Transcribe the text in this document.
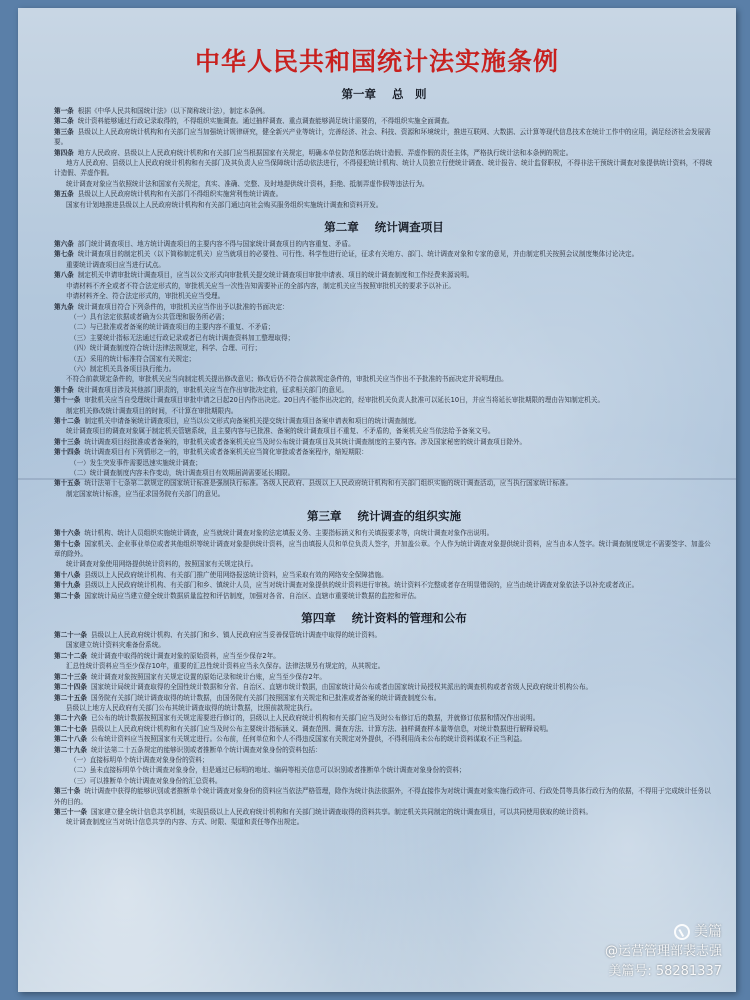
中华人民共和国统计法实施条例
第一章 总　则

第一条 根据《中华人民共和国统计法》（以下简称统计法），制定本条例。

第二条 统计资料能够通过行政记录取得的，不得组织实施调查。通过抽样调查、重点调查能够满足统计需要的，不得组织实施全面调查。

第三条 县级以上人民政府统计机构和有关部门应当加强统计规律研究，健全新兴产业等统计，完善经济、社会、科技、资源和环境统计，推进互联网、大数据、云计算等现代信息技术在统计工作中的应用，满足经济社会发展需要。

第四条 地方人民政府、县级以上人民政府统计机构和有关部门应当根据国家有关规定，明确本单位防范和惩治统计造假、弄虚作假的责任主体，严格执行统计法和本条例的规定。

地方人民政府、县级以上人民政府统计机构和有关部门及其负责人应当保障统计活动依法进行，不得侵犯统计机构、统计人员独立行使统计调查、统计报告、统计监督职权，不得非法干预统计调查对象提供统计资料，不得统计造假、弄虚作假。

统计调查对象应当依照统计法和国家有关规定，真实、准确、完整、及时地提供统计资料，拒绝、抵制弄虚作假等违法行为。

第五条 县级以上人民政府统计机构和有关部门不得组织实施营利性统计调查。

国家有计划地推进县级以上人民政府统计机构和有关部门通过向社会购买服务组织实施统计调查和资料开发。

第二章 统计调查项目

第六条 部门统计调查项目、地方统计调查项目的主要内容不得与国家统计调查项目的内容重复、矛盾。

第七条 统计调查项目的制定机关（以下简称制定机关）应当就项目的必要性、可行性、科学性进行论证，征求有关地方、部门、统计调查对象和专家的意见，并由制定机关按照会议制度集体讨论决定。

重要统计调查项目应当进行试点。

第八条 制定机关申请审批统计调查项目，应当以公文形式向审批机关提交统计调查项目审批申请表、项目的统计调查制度和工作经费来源说明。

申请材料不齐全或者不符合法定形式的，审批机关应当一次性告知需要补正的全部内容，制定机关应当按照审批机关的要求予以补正。

申请材料齐全、符合法定形式的，审批机关应当受理。

第九条 统计调查项目符合下列条件的，审批机关应当作出予以批准的书面决定：

（一）具有法定依据或者确为公共管理和服务所必需；

（二）与已批准或者备案的统计调查项目的主要内容不重复、不矛盾；

（三）主要统计指标无法通过行政记录或者已有统计调查资料加工整理取得；

（四）统计调查制度符合统计法律法规规定，科学、合理、可行；

（五）采用的统计标准符合国家有关规定；

（六）制定机关具备项目执行能力。

不符合前款规定条件的，审批机关应当向制定机关提出修改意见；修改后仍不符合前款规定条件的，审批机关应当作出不予批准的书面决定并说明理由。

第十条 统计调查项目涉及其他部门职责的，审批机关应当在作出审批决定前，征求相关部门的意见。

第十一条 审批机关应当自受理统计调查项目审批申请之日起20日内作出决定。20日内不能作出决定的，经审批机关负责人批准可以延长10日，并应当将延长审批期限的理由告知制定机关。

制定机关修改统计调查项目的时间，不计算在审批期限内。

第十二条 制定机关申请备案统计调查项目，应当以公文形式向备案机关提交统计调查项目备案申请表和项目的统计调查制度。

统计调查项目的调查对象属于制定机关管辖系统，且主要内容与已批准、备案的统计调查项目不重复、不矛盾的，备案机关应当依法给予备案文号。

第十三条 统计调查项目经批准或者备案的，审批机关或者备案机关应当及时公布统计调查项目及其统计调查制度的主要内容。涉及国家秘密的统计调查项目除外。

第十四条 统计调查项目有下列情形之一的，审批机关或者备案机关应当简化审批或者备案程序，缩短期限：

（一）发生突发事件需要迅速实施统计调查；

（二）统计调查制度内容未作变动，统计调查项目有效期届满需要延长期限。

第十五条 统计法第十七条第二款规定的国家统计标准是强制执行标准。各级人民政府、县级以上人民政府统计机构和有关部门组织实施的统计调查活动，应当执行国家统计标准。

制定国家统计标准，应当征求国务院有关部门的意见。

第三章 统计调查的组织实施

第十六条 统计机构、统计人员组织实施统计调查，应当就统计调查对象的法定填报义务、主要指标涵义和有关填报要求等，向统计调查对象作出说明。

第十七条 国家机关、企业事业单位或者其他组织等统计调查对象提供统计资料，应当由填报人员和单位负责人签字，并加盖公章。个人作为统计调查对象提供统计资料，应当由本人签字。统计调查制度规定不需要签字、加盖公章的除外。

统计调查对象使用网络提供统计资料的，按照国家有关规定执行。

第十八条 县级以上人民政府统计机构、有关部门推广使用网络报送统计资料，应当采取有效的网络安全保障措施。

第十九条 县级以上人民政府统计机构、有关部门和乡、镇统计人员，应当对统计调查对象提供的统计资料进行审核。统计资料不完整或者存在明显错误的，应当由统计调查对象依法予以补充或者改正。

第二十条 国家统计局应当建立健全统计数据质量监控和评估制度，加强对各省、自治区、直辖市重要统计数据的监控和评估。

第四章 统计资料的管理和公布

第二十一条 县级以上人民政府统计机构、有关部门和乡、镇人民政府应当妥善保管统计调查中取得的统计资料。

国家建立统计资料灾难备份系统。

第二十二条 统计调查中取得的统计调查对象的原始资料，应当至少保存2年。

汇总性统计资料应当至少保存10年，重要的汇总性统计资料应当永久保存。法律法规另有规定的，从其规定。

第二十三条 统计调查对象按照国家有关规定设置的原始记录和统计台账，应当至少保存2年。

第二十四条 国家统计局统计调查取得的全国性统计数据和分省、自治区、直辖市统计数据，由国家统计局公布或者由国家统计局授权其派出的调查机构或者省级人民政府统计机构公布。

第二十五条 国务院有关部门统计调查取得的统计数据，由国务院有关部门按照国家有关规定和已批准或者备案的统计调查制度公布。

县级以上地方人民政府有关部门公布其统计调查取得的统计数据，比照前款规定执行。

第二十六条 已公布的统计数据按照国家有关规定需要进行修订的，县级以上人民政府统计机构和有关部门应当及时公布修订后的数据，并就修订依据和情况作出说明。

第二十七条 县级以上人民政府统计机构和有关部门应当及时公布主要统计指标涵义、调查范围、调查方法、计算方法、抽样调查样本量等信息，对统计数据进行解释说明。

第二十八条 公布统计资料应当按照国家有关规定进行。公布前，任何单位和个人不得违反国家有关规定对外提供，不得利用尚未公布的统计资料谋取不正当利益。

第二十九条 统计法第二十五条规定的能够识别或者推断单个统计调查对象身份的资料包括：

（一）直接标明单个统计调查对象身份的资料；

（二）虽未直接标明单个统计调查对象身份，但是通过已标明的地址、编码等相关信息可以识别或者推断单个统计调查对象身份的资料；

（三）可以推断单个统计调查对象身份的汇总资料。

第三十条 统计调查中获得的能够识别或者推断单个统计调查对象身份的资料应当依法严格管理，除作为统计执法依据外，不得直接作为对统计调查对象实施行政许可、行政处罚等具体行政行为的依据，不得用于完成统计任务以外的目的。

第三十一条 国家建立健全统计信息共享机制，实现县级以上人民政府统计机构和有关部门统计调查取得的资料共享。制定机关共同制定的统计调查项目，可以共同使用获取的统计资料。

统计调查制度应当对统计信息共享的内容、方式、时限、渠道和责任等作出规定。

美篇
@运营管理部裴志强
美篇号: 58281337
